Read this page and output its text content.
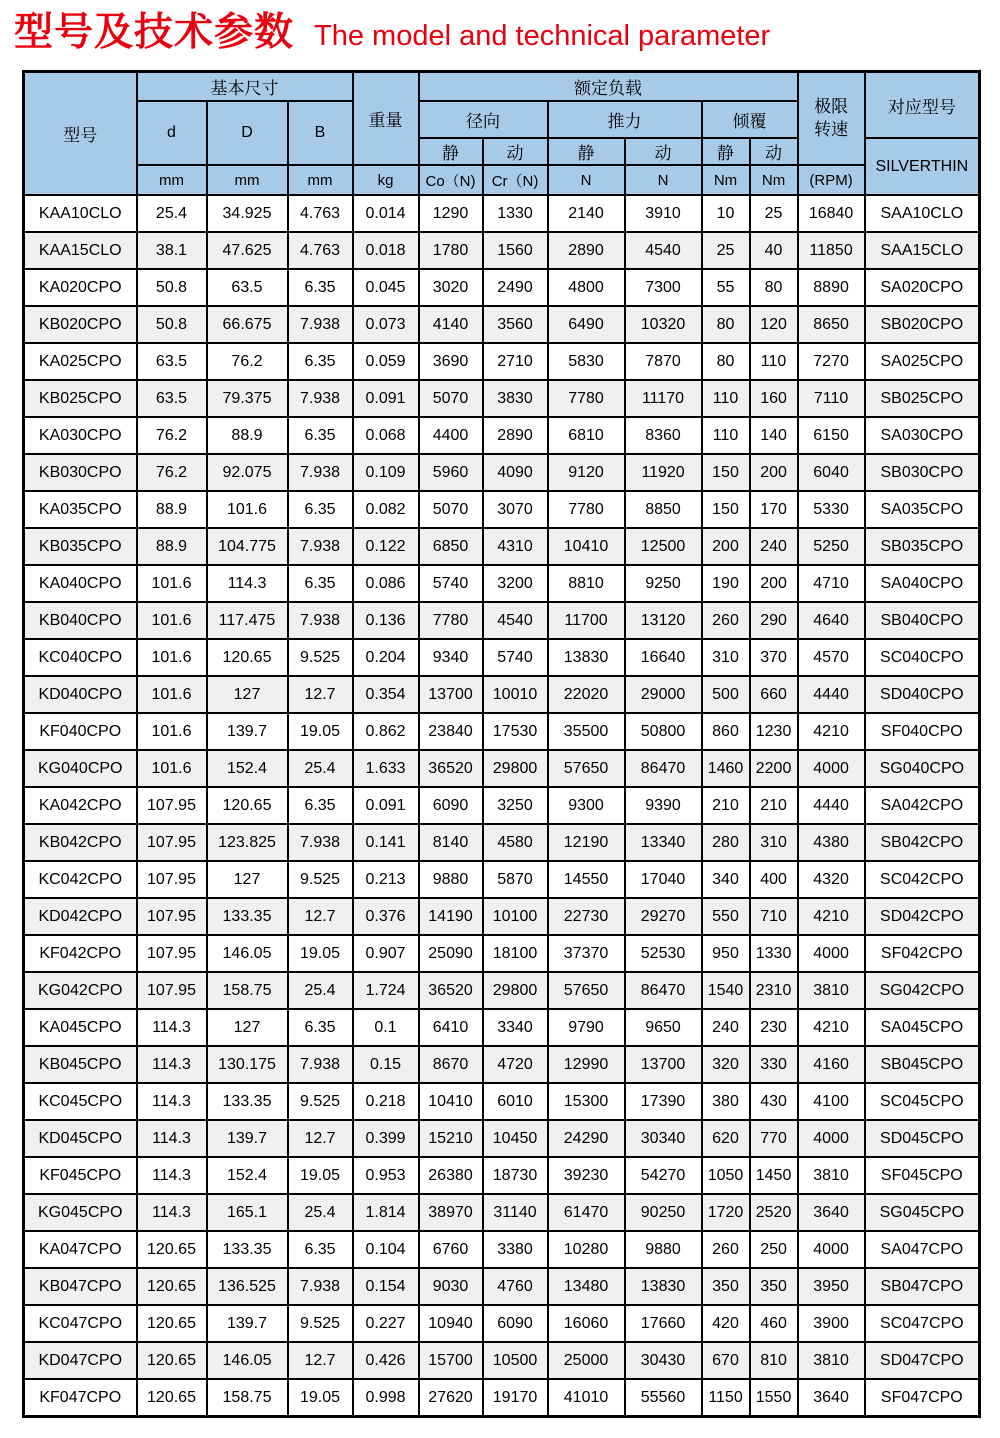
型号及技术参数 The model and technical parameter
型号	基本尺寸			重量	额定负载						极限转速	对应型号
	d	D	B		径向		推力		倾覆			
					静	动	静	动	静	动		SILVERTHIN
	mm	mm	mm	kg	Co（N)	Cr（N)	N	N	Nm	Nm	(RPM)	
KAA10CLO	25.4	34.925	4.763	0.014	1290	1330	2140	3910	10	25	16840	SAA10CLO
KAA15CLO	38.1	47.625	4.763	0.018	1780	1560	2890	4540	25	40	11850	SAA15CLO
KA020CPO	50.8	63.5	6.35	0.045	3020	2490	4800	7300	55	80	8890	SA020CPO
KB020CPO	50.8	66.675	7.938	0.073	4140	3560	6490	10320	80	120	8650	SB020CPO
KA025CPO	63.5	76.2	6.35	0.059	3690	2710	5830	7870	80	110	7270	SA025CPO
KB025CPO	63.5	79.375	7.938	0.091	5070	3830	7780	11170	110	160	7110	SB025CPO
KA030CPO	76.2	88.9	6.35	0.068	4400	2890	6810	8360	110	140	6150	SA030CPO
KB030CPO	76.2	92.075	7.938	0.109	5960	4090	9120	11920	150	200	6040	SB030CPO
KA035CPO	88.9	101.6	6.35	0.082	5070	3070	7780	8850	150	170	5330	SA035CPO
KB035CPO	88.9	104.775	7.938	0.122	6850	4310	10410	12500	200	240	5250	SB035CPO
KA040CPO	101.6	114.3	6.35	0.086	5740	3200	8810	9250	190	200	4710	SA040CPO
KB040CPO	101.6	117.475	7.938	0.136	7780	4540	11700	13120	260	290	4640	SB040CPO
KC040CPO	101.6	120.65	9.525	0.204	9340	5740	13830	16640	310	370	4570	SC040CPO
KD040CPO	101.6	127	12.7	0.354	13700	10010	22020	29000	500	660	4440	SD040CPO
KF040CPO	101.6	139.7	19.05	0.862	23840	17530	35500	50800	860	1230	4210	SF040CPO
KG040CPO	101.6	152.4	25.4	1.633	36520	29800	57650	86470	1460	2200	4000	SG040CPO
KA042CPO	107.95	120.65	6.35	0.091	6090	3250	9300	9390	210	210	4440	SA042CPO
KB042CPO	107.95	123.825	7.938	0.141	8140	4580	12190	13340	280	310	4380	SB042CPO
KC042CPO	107.95	127	9.525	0.213	9880	5870	14550	17040	340	400	4320	SC042CPO
KD042CPO	107.95	133.35	12.7	0.376	14190	10100	22730	29270	550	710	4210	SD042CPO
KF042CPO	107.95	146.05	19.05	0.907	25090	18100	37370	52530	950	1330	4000	SF042CPO
KG042CPO	107.95	158.75	25.4	1.724	36520	29800	57650	86470	1540	2310	3810	SG042CPO
KA045CPO	114.3	127	6.35	0.1	6410	3340	9790	9650	240	230	4210	SA045CPO
KB045CPO	114.3	130.175	7.938	0.15	8670	4720	12990	13700	320	330	4160	SB045CPO
KC045CPO	114.3	133.35	9.525	0.218	10410	6010	15300	17390	380	430	4100	SC045CPO
KD045CPO	114.3	139.7	12.7	0.399	15210	10450	24290	30340	620	770	4000	SD045CPO
KF045CPO	114.3	152.4	19.05	0.953	26380	18730	39230	54270	1050	1450	3810	SF045CPO
KG045CPO	114.3	165.1	25.4	1.814	38970	31140	61470	90250	1720	2520	3640	SG045CPO
KA047CPO	120.65	133.35	6.35	0.104	6760	3380	10280	9880	260	250	4000	SA047CPO
KB047CPO	120.65	136.525	7.938	0.154	9030	4760	13480	13830	350	350	3950	SB047CPO
KC047CPO	120.65	139.7	9.525	0.227	10940	6090	16060	17660	420	460	3900	SC047CPO
KD047CPO	120.65	146.05	12.7	0.426	15700	10500	25000	30430	670	810	3810	SD047CPO
KF047CPO	120.65	158.75	19.05	0.998	27620	19170	41010	55560	1150	1550	3640	SF047CPO
